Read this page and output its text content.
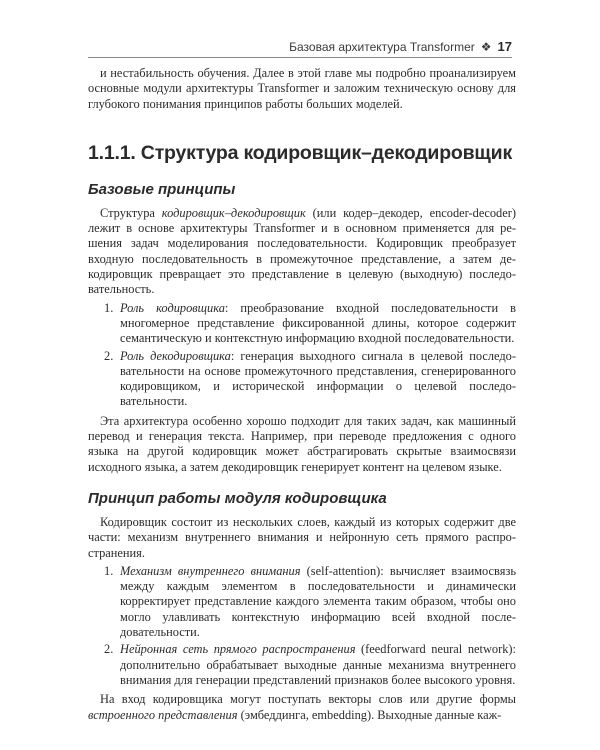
Базовая архитектура Transformer ❖ 17

и нестабильность обучения. Далее в этой главе мы подробно проанализируем основные модули архитектуры Transformer и заложим техническую основу для глубокого понимания принципов работы больших моделей.

1.1.1. Структура кодировщик–декодировщик
Базовые принципы

Структура кодировщик–декодировщик (или кодер–декодер, encoder-decoder) лежит в основе архитектуры Transformer и в основном применяется для решения задач моделирования последовательности. Кодировщик преобразует входную последовательность в промежуточное представление, а затем декодировщик превращает это представление в целевую (выходную) последовательность.

1. Роль кодировщика: преобразование входной последовательности в многомерное представление фиксированной длины, которое содержит семантическую и контекстную информацию входной последовательности.
2. Роль декодировщика: генерация выходного сигнала в целевой последовательности на основе промежуточного представления, сгенерированного кодировщиком, и исторической информации о целевой последовательности.

Эта архитектура особенно хорошо подходит для таких задач, как машинный перевод и генерация текста. Например, при переводе предложения с одного языка на другой кодировщик может абстрагировать скрытые взаимосвязи исходного языка, а затем декодировщик генерирует контент на целевом языке.

Принцип работы модуля кодировщика

Кодировщик состоит из нескольких слоев, каждый из которых содержит две части: механизм внутреннего внимания и нейронную сеть прямого распространения.

1. Механизм внутреннего внимания (self-attention): вычисляет взаимосвязь между каждым элементом в последовательности и динамически корректирует представление каждого элемента таким образом, чтобы оно могло улавливать контекстную информацию всей входной последовательности.
2. Нейронная сеть прямого распространения (feedforward neural network): дополнительно обрабатывает выходные данные механизма внутреннего внимания для генерации представлений признаков более высокого уровня.

На вход кодировщика могут поступать векторы слов или другие формы встроенного представления (эмбеддинга, embedding). Выходные данные каж-
